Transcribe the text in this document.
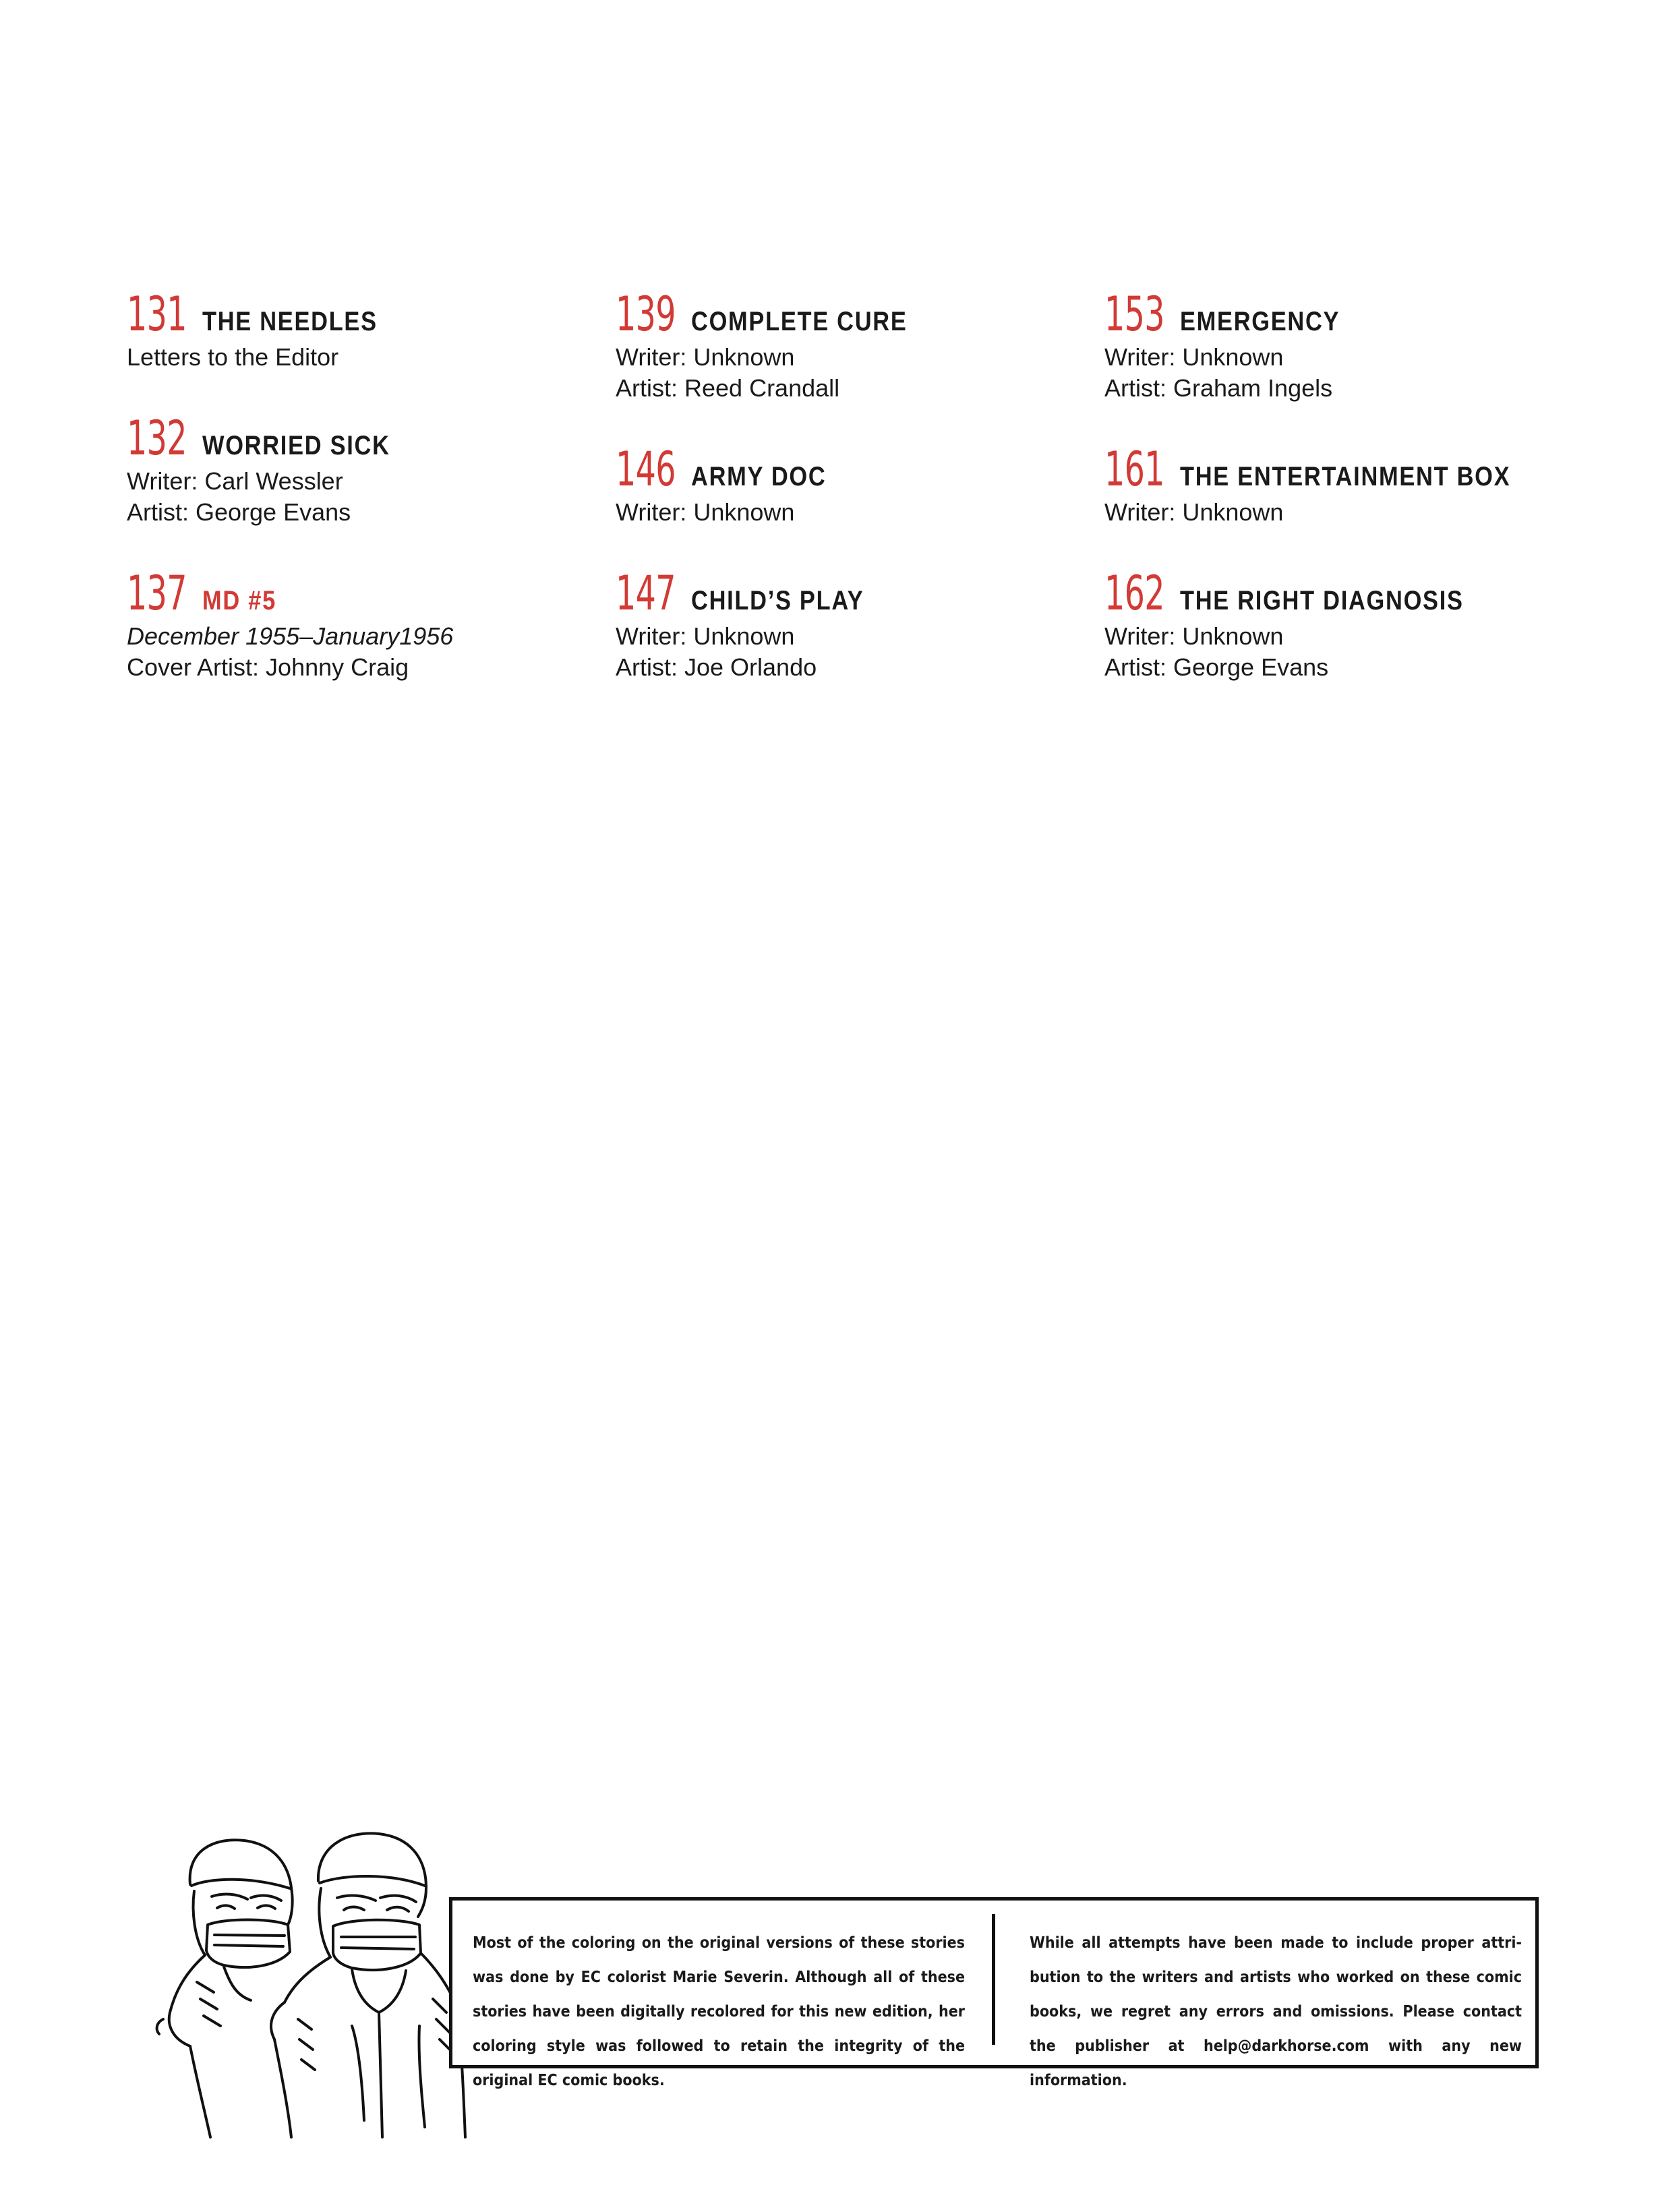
131 THE NEEDLES
Letters to the Editor
132 WORRIED SICK
Writer: Carl Wessler
Artist: George Evans
137 MD #5
December 1955–January1956
Cover Artist: Johnny Craig
139 COMPLETE CURE
Writer: Unknown
Artist: Reed Crandall
146 ARMY DOC
Writer: Unknown
147 CHILD’S PLAY
Writer: Unknown
Artist: Joe Orlando
153 EMERGENCY
Writer: Unknown
Artist: Graham Ingels
161 THE ENTERTAINMENT BOX
Writer: Unknown
162 THE RIGHT DIAGNOSIS
Writer: Unknown
Artist: George Evans
Most of the coloring on the original versions of these stories was done by EC colorist Marie Severin. Although all of these stories have been digitally recolored for this new edition, her coloring style was followed to retain the integrity of the original EC comic books.
While all attempts have been made to include proper attribution to the writers and artists who worked on these comic books, we regret any errors and omissions. Please contact the publisher at help@darkhorse.com with any new information.
